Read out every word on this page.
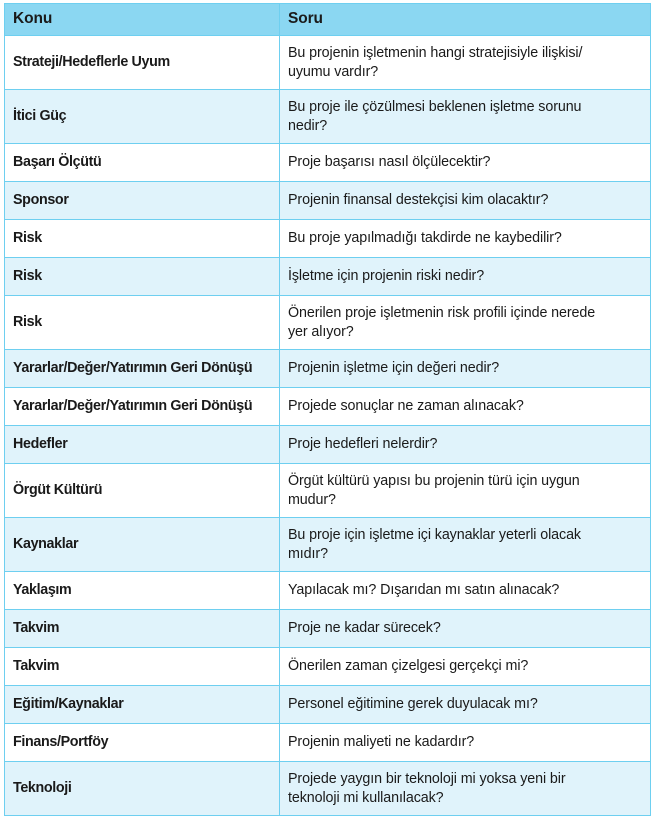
Konu	Soru
Strateji/Hedeflerle Uyum	Bu projenin işletmenin hangi stratejisiyle ilişkisi/
uyumu vardır?

İtici Güç	Bu proje ile çözülmesi beklenen işletme sorunu
nedir?

Başarı Ölçütü	Proje başarısı nasıl ölçülecektir?

Sponsor	Projenin finansal destekçisi kim olacaktır?

Risk	Bu proje yapılmadığı takdirde ne kaybedilir?

Risk	İşletme için projenin riski nedir?

Risk	Önerilen proje işletmenin risk profili içinde nerede
yer alıyor?

Yararlar/Değer/Yatırımın Geri Dönüşü	Projenin işletme için değeri nedir?

Yararlar/Değer/Yatırımın Geri Dönüşü	Projede sonuçlar ne zaman alınacak?

Hedefler	Proje hedefleri nelerdir?

Örgüt Kültürü	Örgüt kültürü yapısı bu projenin türü için uygun
mudur?

Kaynaklar	Bu proje için işletme içi kaynaklar yeterli olacak
mıdır?

Yaklaşım	Yapılacak mı? Dışarıdan mı satın alınacak?

Takvim	Proje ne kadar sürecek?

Takvim	Önerilen zaman çizelgesi gerçekçi mi?

Eğitim/Kaynaklar	Personel eğitimine gerek duyulacak mı?

Finans/Portföy	Projenin maliyeti ne kadardır?

Teknoloji	Projede yaygın bir teknoloji mi yoksa yeni bir
teknoloji mi kullanılacak?
